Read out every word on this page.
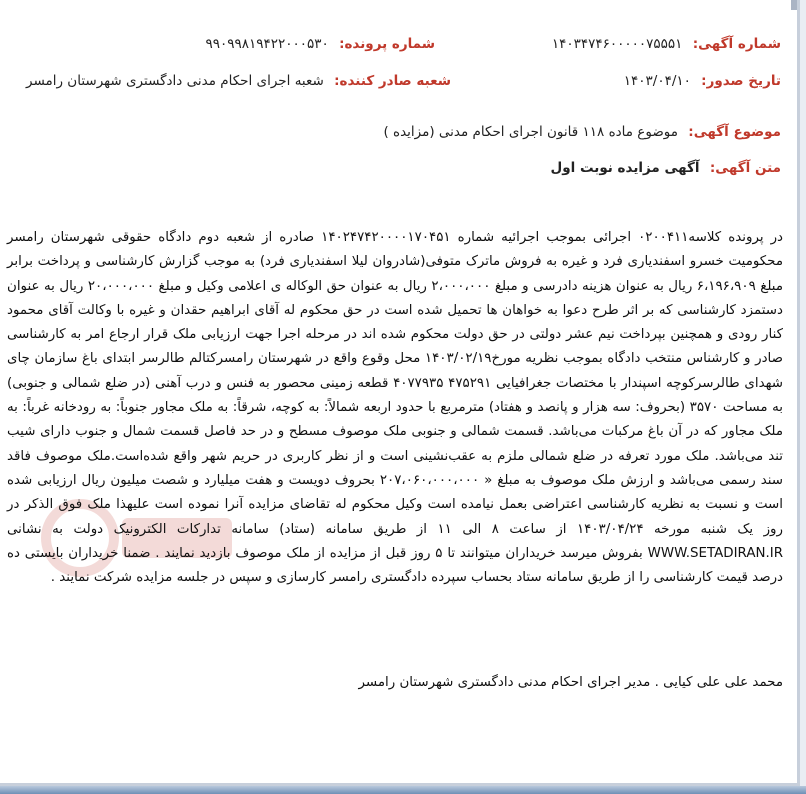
شماره آگهی: ۱۴۰۳۴۷۴۶۰۰۰۰۰۷۵۵۵۱
شماره پرونده: ۹۹۰۹۹۸۱۹۴۲۲۰۰۰۵۳۰
تاریخ صدور: ۱۴۰۳/۰۴/۱۰
شعبه صادر کننده: شعبه اجرای احکام مدنی دادگستری شهرستان رامسر
موضوع آگهی: موضوع ماده ۱۱۸ قانون اجرای احکام مدنی (مزایده )
متن آگهی: آگهی مزایده نوبت اول

در پرونده کلاسه۰۲۰۰۴۱۱ اجرائی بموجب اجرائیه شماره ۱۴۰۲۴۷۴۲۰۰۰۰۱۷۰۴۵۱ صادره از شعبه دوم دادگاه حقوقی شهرستان رامسر محکومیت خسرو اسفندیاری فرد و غیره به فروش ماترک متوفی(شادروان لیلا اسفندیاری فرد) به موجب گزارش کارشناسی و پرداخت برابر مبلغ ۶،۱۹۶،۹۰۹ ریال به عنوان هزینه دادرسی و مبلغ ۲،۰۰۰،۰۰۰ ریال به عنوان حق الوکاله ی اعلامی وکیل و مبلغ ۲۰،۰۰۰،۰۰۰ ریال به عنوان دستمزد کارشناسی که بر اثر طرح دعوا به خواهان ها تحمیل شده است در حق محکوم له آقای ابراهیم حقدان و غیره با وکالت آقای محمود کنار رودی و همچنین بپرداخت نیم عشر دولتی در حق دولت محکوم شده اند در مرحله اجرا جهت ارزیابی ملک قرار ارجاع امر به کارشناسی صادر و کارشناس منتخب دادگاه بموجب نظریه مورخ۱۴۰۳/۰۲/۱۹ محل وقوع واقع در شهرستان رامسرکتالم طالرسر ابتدای باغ سازمان چای شهدای طالرسرکوچه اسپندار با مختصات جغرافیایی ۴۷۵۲۹۱ ۴۰۷۷۹۳۵ قطعه زمینی محصور به فنس و درب آهنی (در ضلع شمالی و جنوبی) به مساحت ۳۵۷۰ (بحروف: سه هزار و پانصد و هفتاد) مترمربع با حدود اربعه شمالاً: به کوچه، شرقاً: به ملک مجاور جنوباً: به رودخانه غرباً: به ملک مجاور که در آن باغ مرکبات می‌باشد. قسمت شمالی و جنوبی ملک موصوف مسطح و در حد فاصل قسمت شمال و جنوب دارای شیب تند می‌باشد. ملک مورد تعرفه در ضلع شمالی ملزم به عقب‌نشینی است و از نظر کاربری در حریم شهر واقع شده‌است.ملک موصوف فاقد سند رسمی می‌باشد و ارزش ملک موصوف به مبلغ « ۲۰۷،۰۶۰،۰۰۰،۰۰۰ بحروف دویست و هفت میلیارد و شصت میلیون ریال ارزیابی شده است و نسبت به نظریه کارشناسی اعتراضی بعمل نیامده است وکیل محکوم له تقاضای مزایده آنرا نموده است علیهذا ملک فوق الذکر در روز یک شنبه مورخه ۱۴۰۳/۰۴/۲۴ از ساعت ۸ الی ۱۱ از طریق سامانه (ستاد) سامانه تدارکات الکترونیک دولت به نشانی WWW.SETADIRAN.IR بفروش میرسد خریداران میتوانند تا ۵ روز قبل از مزایده از ملک موصوف بازدید نمایند . ضمنا خریداران بایستی ده درصد قیمت کارشناسی را از طریق سامانه ستاد بحساب سپرده دادگستری رامسر کارسازی و سپس در جلسه مزایده شرکت نمایند .

محمد علی علی کیایی . مدیر اجرای احکام مدنی دادگستری شهرستان رامسر
